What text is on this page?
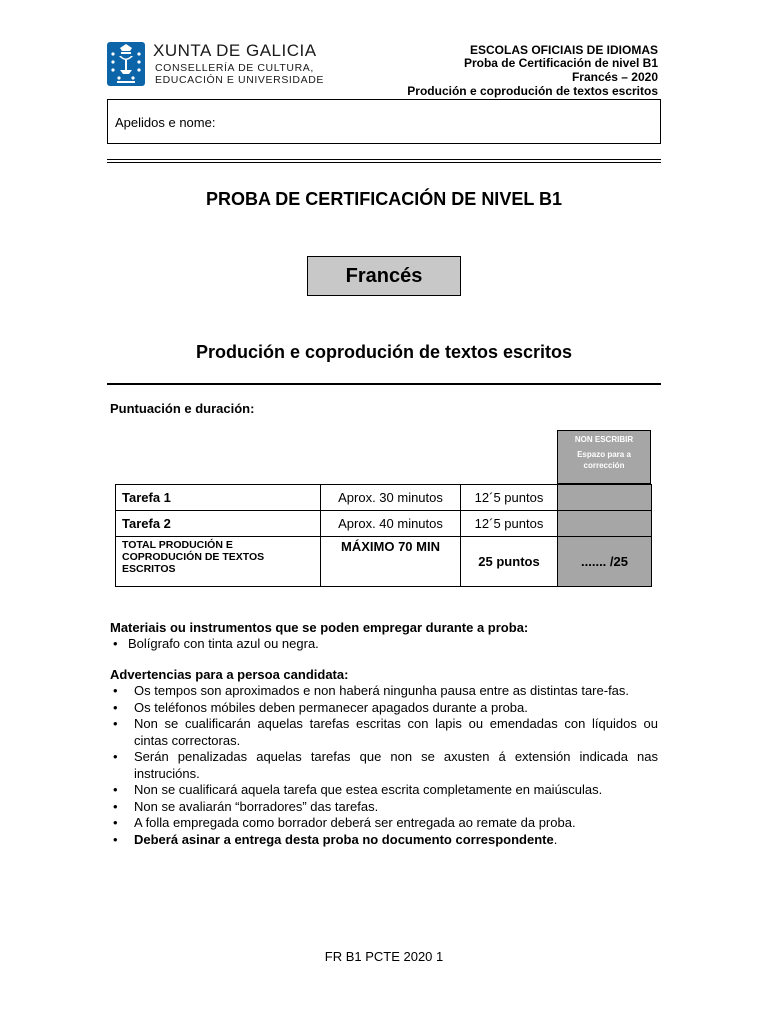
XUNTA DE GALICIA
CONSELLERÍA DE CULTURA,
EDUCACIÓN E UNIVERSIDADE
ESCOLAS OFICIAIS DE IDIOMAS
Proba de Certificación de nivel B1
Francés – 2020
Produción e coprodución de textos escritos
Apelidos e nome:
PROBA DE CERTIFICACIÓN DE NIVEL B1
Francés
Produción e coprodución de textos escritos
Puntuación e duración:
NON ESCRIBIR
Espazo para a corrección
Tarefa 1	Aprox. 30 minutos	12´5 puntos	
Tarefa 2	Aprox. 40 minutos	12´5 puntos	
TOTAL PRODUCIÓN E COPRODUCIÓN DE TEXTOS ESCRITOS	MÁXIMO 70 MIN	25 puntos	....... /25
Materiais ou instrumentos que se poden empregar durante a proba:
• Bolígrafo con tinta azul ou negra.
Advertencias para a persoa candidata:
• Os tempos son aproximados e non haberá ningunha pausa entre as distintas tare-fas.
• Os teléfonos móbiles deben permanecer apagados durante a proba.
• Non se cualificarán aquelas tarefas escritas con lapis ou emendadas con líquidos ou cintas correctoras.
• Serán penalizadas aquelas tarefas que non se axusten á extensión indicada nas instrucións.
• Non se cualificará aquela tarefa que estea escrita completamente en maiúsculas.
• Non se avaliarán “borradores” das tarefas.
• A folla empregada como borrador deberá ser entregada ao remate da proba.
• Deberá asinar a entrega desta proba no documento correspondente.
FR B1 PCTE 2020 1
